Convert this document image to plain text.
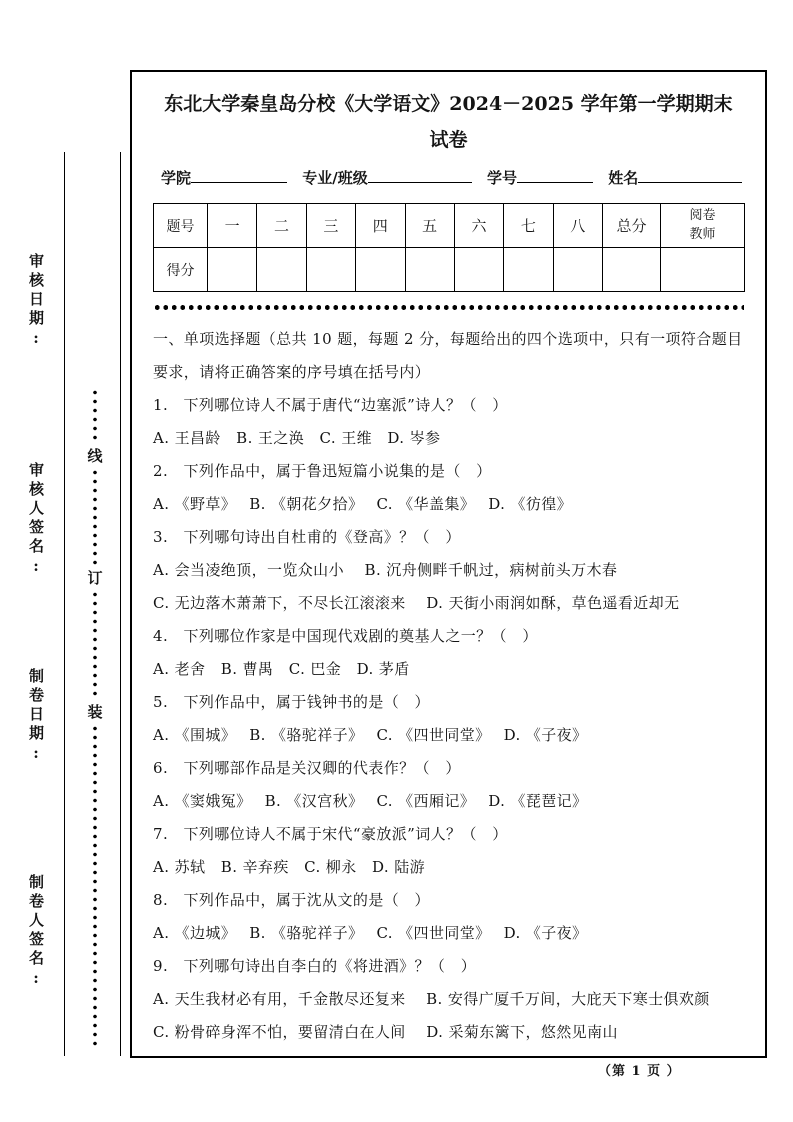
审核日期:
审核人签名:
制卷日期:
制卷人签名:
线
订
装
东北大学秦皇岛分校《大学语文》2024－2025 学年第一学期期末
试卷
学院	专业/班级	学号	姓名
题号	一	二	三	四	五	六	七	八	总分	阅卷教师

得分										

一、单项选择题（总共 10 题，每题 2 分，每题给出的四个选项中，只有一项符合题目要求，请将正确答案的序号填在括号内）

1.　下列哪位诗人不属于唐代“边塞派”诗人？（　）

A. 王昌龄　B. 王之涣　C. 王维　D. 岑参

2.　下列作品中，属于鲁迅短篇小说集的是（　）

A. 《野草》　 B. 《朝花夕拾》　 C. 《华盖集》　 D. 《彷徨》

3.　下列哪句诗出自杜甫的《登高》？（　）

A. 会当凌绝顶，一览众山小　 B. 沉舟侧畔千帆过，病树前头万木春

C. 无边落木萧萧下，不尽长江滚滚来　 D. 天街小雨润如酥，草色遥看近却无

4.　下列哪位作家是中国现代戏剧的奠基人之一？（　）

A. 老舍　B. 曹禺　C. 巴金　D. 茅盾

5.　下列作品中，属于钱钟书的是（　）

A. 《围城》　 B. 《骆驼祥子》　 C. 《四世同堂》　 D. 《子夜》

6.　下列哪部作品是关汉卿的代表作？（　）

A. 《窦娥冤》　 B. 《汉宫秋》　 C. 《西厢记》　 D. 《琵琶记》

7.　下列哪位诗人不属于宋代“豪放派”词人？（　）

A. 苏轼　B. 辛弃疾　C. 柳永　D. 陆游

8.　下列作品中，属于沈从文的是（　）

A. 《边城》　 B. 《骆驼祥子》　 C. 《四世同堂》　 D. 《子夜》

9.　下列哪句诗出自李白的《将进酒》？（　）

A. 天生我材必有用，千金散尽还复来　 B. 安得广厦千万间，大庇天下寒士俱欢颜

C. 粉骨碎身浑不怕，要留清白在人间　 D. 采菊东篱下，悠然见南山

（第 1 页 ）
